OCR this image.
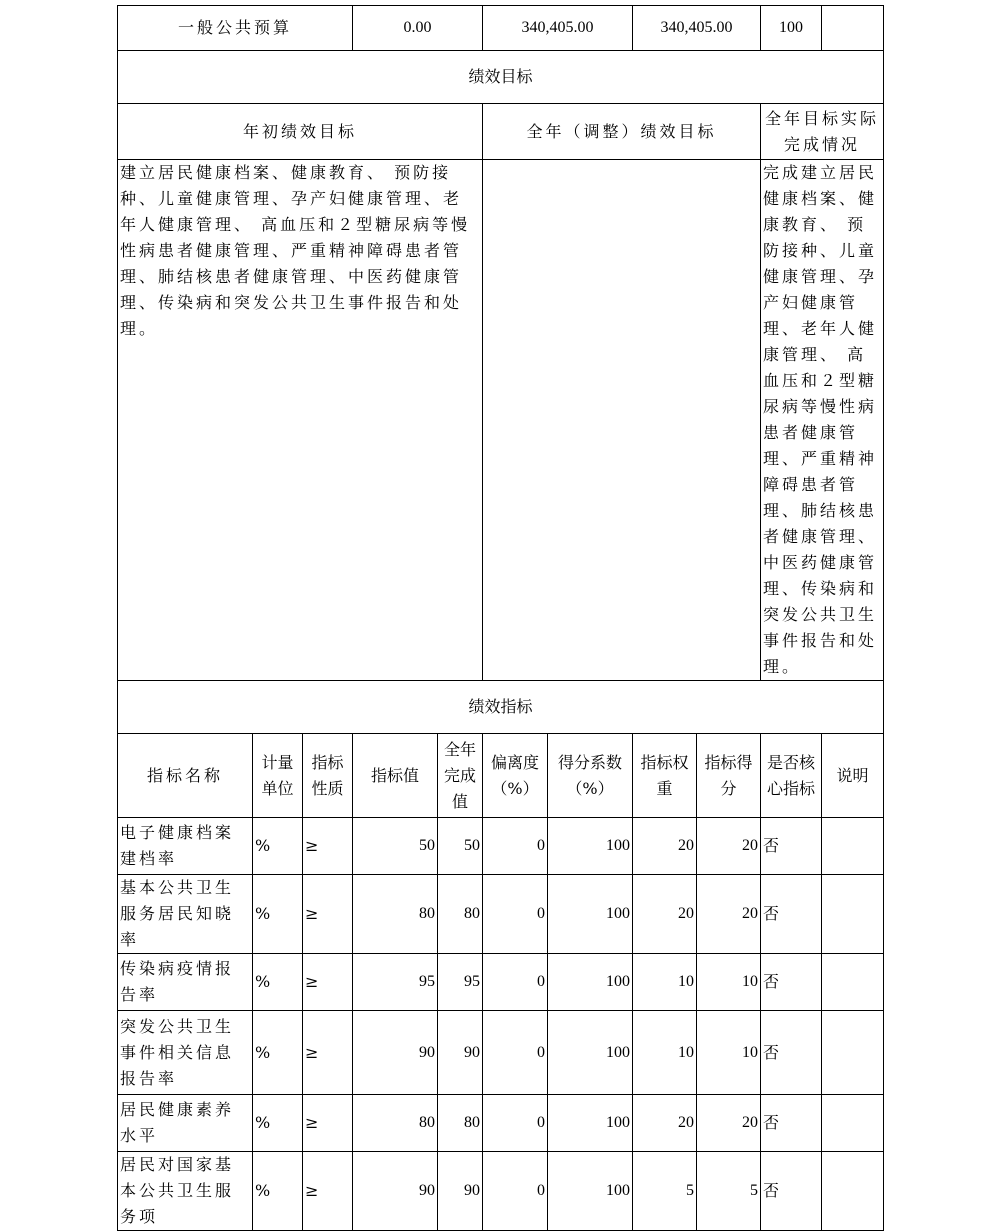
一般公共预算			0.00		340,405.00		340,405.00		100	
绩效目标										
年初绩效目标					全年（调整）绩效目标				全年目标实际完成情况	
建立居民健康档案、健康教育、 预防接种、儿童健康管理、孕产妇健康管理、老年人健康管理、 高血压和２型糖尿病等慢性病患者健康管理、严重精神障碍患者管理、肺结核患者健康管理、中医药健康管理、传染病和突发公共卫生事件报告和处理。									完成建立居民健康档案、健康教育、 预防接种、儿童健康管理、孕产妇健康管理、老年人健康管理、 高血压和２型糖尿病等慢性病患者健康管理、严重精神障碍患者管理、肺结核患者健康管理、中医药健康管理、传染病和突发公共卫生事件报告和处理。	
绩效指标										
指标名称	计量单位	指标性质	指标值	全年完成值	偏离度（%）	得分系数（%）	指标权重	指标得分	是否核心指标	说明
电子健康档案建档率	%	≥	50	50	0	100	20	20	否	
基本公共卫生服务居民知晓率	%	≥	80	80	0	100	20	20	否	
传染病疫情报告率	%	≥	95	95	0	100	10	10	否	
突发公共卫生事件相关信息报告率	%	≥	90	90	0	100	10	10	否	
居民健康素养水平	%	≥	80	80	0	100	20	20	否	
居民对国家基本公共卫生服务项	%	≥	90	90	0	100	5	5	否	
